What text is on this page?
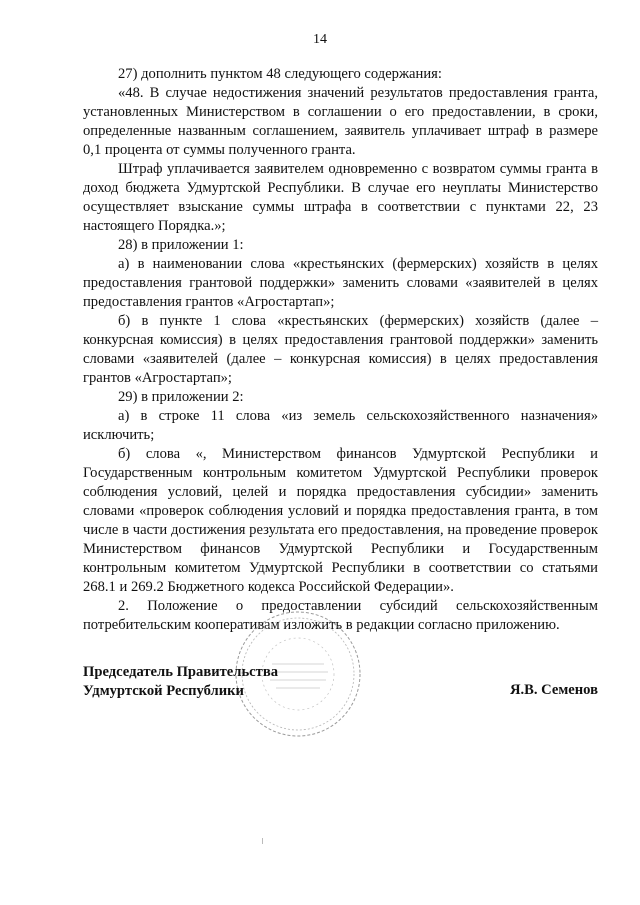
14

27) дополнить пунктом 48 следующего содержания:

«48. В случае недостижения значений результатов предоставления гранта, установленных Министерством в соглашении о его предоставлении, в сроки, определенные названным соглашением, заявитель уплачивает штраф в размере 0,1 процента от суммы полученного гранта.

Штраф уплачивается заявителем одновременно с возвратом суммы гранта в доход бюджета Удмуртской Республики. В случае его неуплаты Министерство осуществляет взыскание суммы штрафа в соответствии с пунктами 22, 23 настоящего Порядка.»;

28) в приложении 1:

а) в наименовании слова «крестьянских (фермерских) хозяйств в целях предоставления грантовой поддержки» заменить словами «заявителей в целях предоставления грантов «Агростартап»;

б) в пункте 1 слова «крестьянских (фермерских) хозяйств (далее – конкурсная комиссия) в целях предоставления грантовой поддержки» заменить словами «заявителей (далее – конкурсная комиссия) в целях предоставления грантов «Агростартап»;

29) в приложении 2:

а) в строке 11 слова «из земель сельскохозяйственного назначения» исключить;

б) слова «, Министерством финансов Удмуртской Республики и Государственным контрольным комитетом Удмуртской Республики проверок соблюдения условий, целей и порядка предоставления субсидии» заменить словами «проверок соблюдения условий и порядка предоставления гранта, в том числе в части достижения результата его предоставления, на проведение проверок Министерством финансов Удмуртской Республики и Государственным контрольным комитетом Удмуртской Республики в соответствии со статьями 268.1 и 269.2 Бюджетного кодекса Российской Федерации».

2. Положение о предоставлении субсидий сельскохозяйственным потребительским кооперативам изложить в редакции согласно приложению.

Председатель Правительства
Удмуртской Республики	Я.В. Семенов
